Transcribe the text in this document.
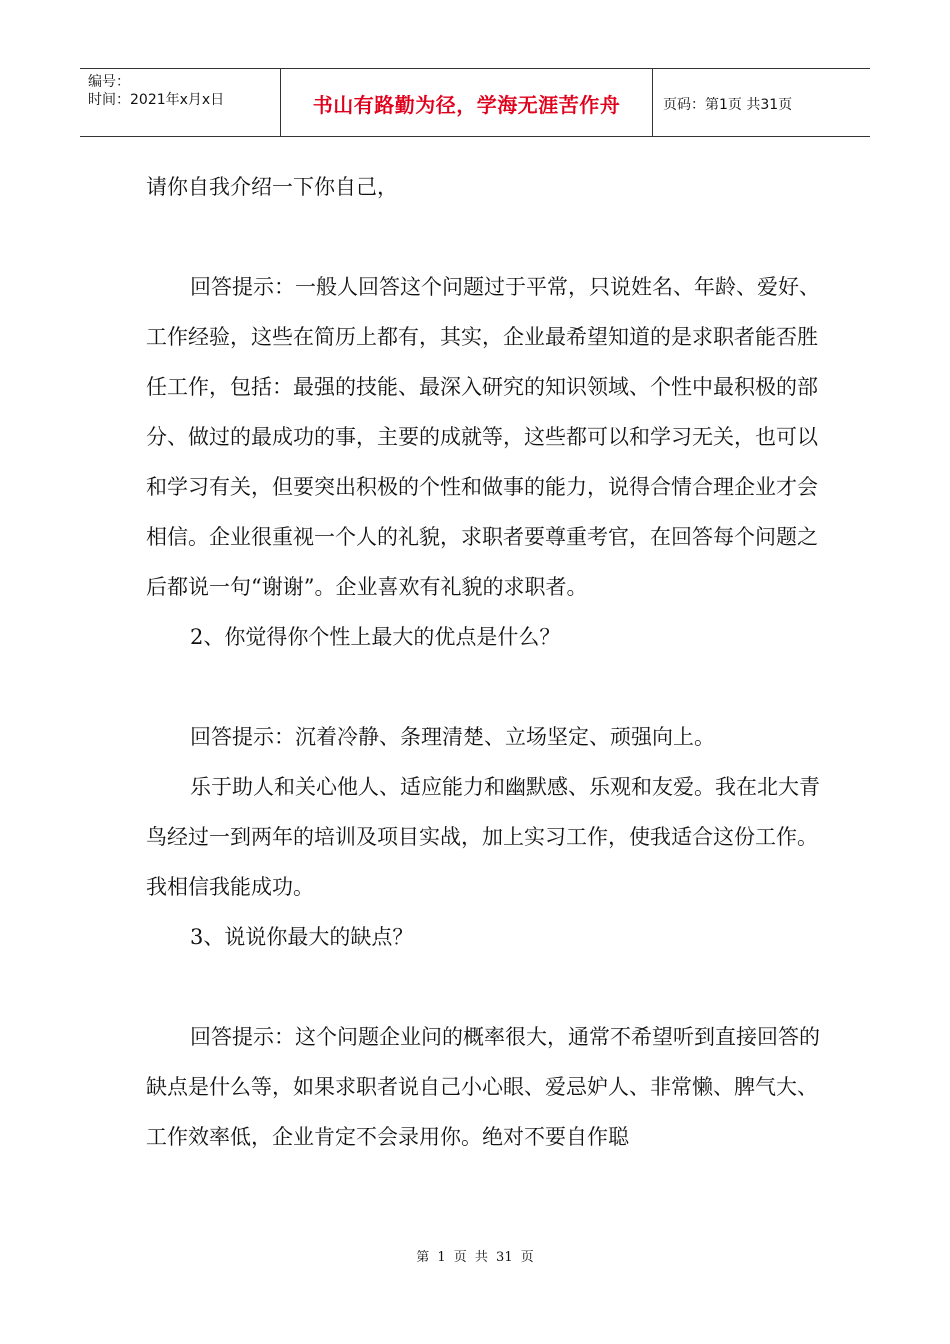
编号：
时间：2021年x月x日	书山有路勤为径，学海无涯苦作舟	页码：第1页 共31页

请你自我介绍一下你自己，

回答提示：一般人回答这个问题过于平常，只说姓名、年龄、爱好、工作经验，这些在简历上都有，其实，企业最希望知道的是求职者能否胜任工作，包括：最强的技能、最深入研究的知识领域、个性中最积极的部分、做过的最成功的事，主要的成就等，这些都可以和学习无关，也可以和学习有关，但要突出积极的个性和做事的能力，说得合情合理企业才会相信。企业很重视一个人的礼貌，求职者要尊重考官，在回答每个问题之后都说一句“谢谢”。企业喜欢有礼貌的求职者。

2、你觉得你个性上最大的优点是什么？

回答提示：沉着冷静、条理清楚、立场坚定、顽强向上。

乐于助人和关心他人、适应能力和幽默感、乐观和友爱。我在北大青鸟经过一到两年的培训及项目实战，加上实习工作，使我适合这份工作。我相信我能成功。

3、说说你最大的缺点？

回答提示：这个问题企业问的概率很大，通常不希望听到直接回答的缺点是什么等，如果求职者说自己小心眼、爱忌妒人、非常懒、脾气大、工作效率低，企业肯定不会录用你。绝对不要自作聪

第 1 页 共 31 页
